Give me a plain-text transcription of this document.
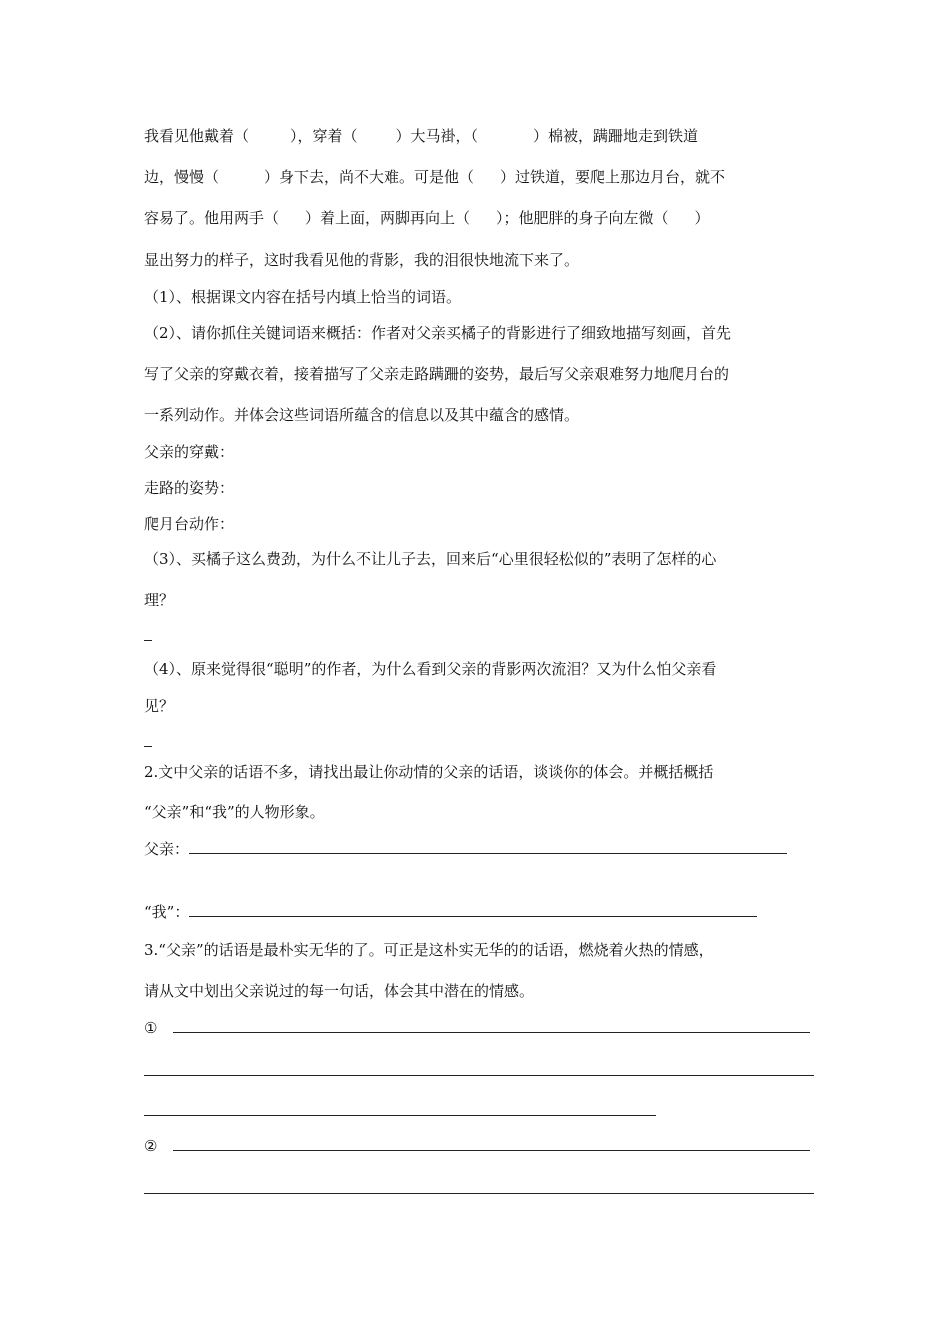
我看见他戴着（	），穿着（	）大马褂，（	）棉被，蹒跚地走到铁道
边，慢慢（	）身下去，尚不大难。可是他（ ）过铁道，要爬上那边月台，就不
容易了。他用两手（ ）着上面，两脚再向上（ ）；他肥胖的身子向左微（ ）
显出努力的样子，这时我看见他的背影，我的泪很快地流下来了。
（1）、根据课文内容在括号内填上恰当的词语。
（2）、请你抓住关键词语来概括：作者对父亲买橘子的背影进行了细致地描写刻画，首先
写了父亲的穿戴衣着，接着描写了父亲走路蹒跚的姿势，最后写父亲艰难努力地爬月台的
一系列动作。并体会这些词语所蕴含的信息以及其中蕴含的感情。
父亲的穿戴：
走路的姿势：
爬月台动作：
（3）、买橘子这么费劲，为什么不让儿子去，回来后“心里很轻松似的”表明了怎样的心
理？
（4）、原来觉得很“聪明”的作者，为什么看到父亲的背影两次流泪？又为什么怕父亲看
见？
2.文中父亲的话语不多，请找出最让你动情的父亲的话语，谈谈你的体会。并概括概括
“父亲”和“我”的人物形象。
父亲：
“我”：
3.“父亲”的话语是最朴实无华的了。可正是这朴实无华的的话语，燃烧着火热的情感，
请从文中划出父亲说过的每一句话，体会其中潜在的情感。
①
②
